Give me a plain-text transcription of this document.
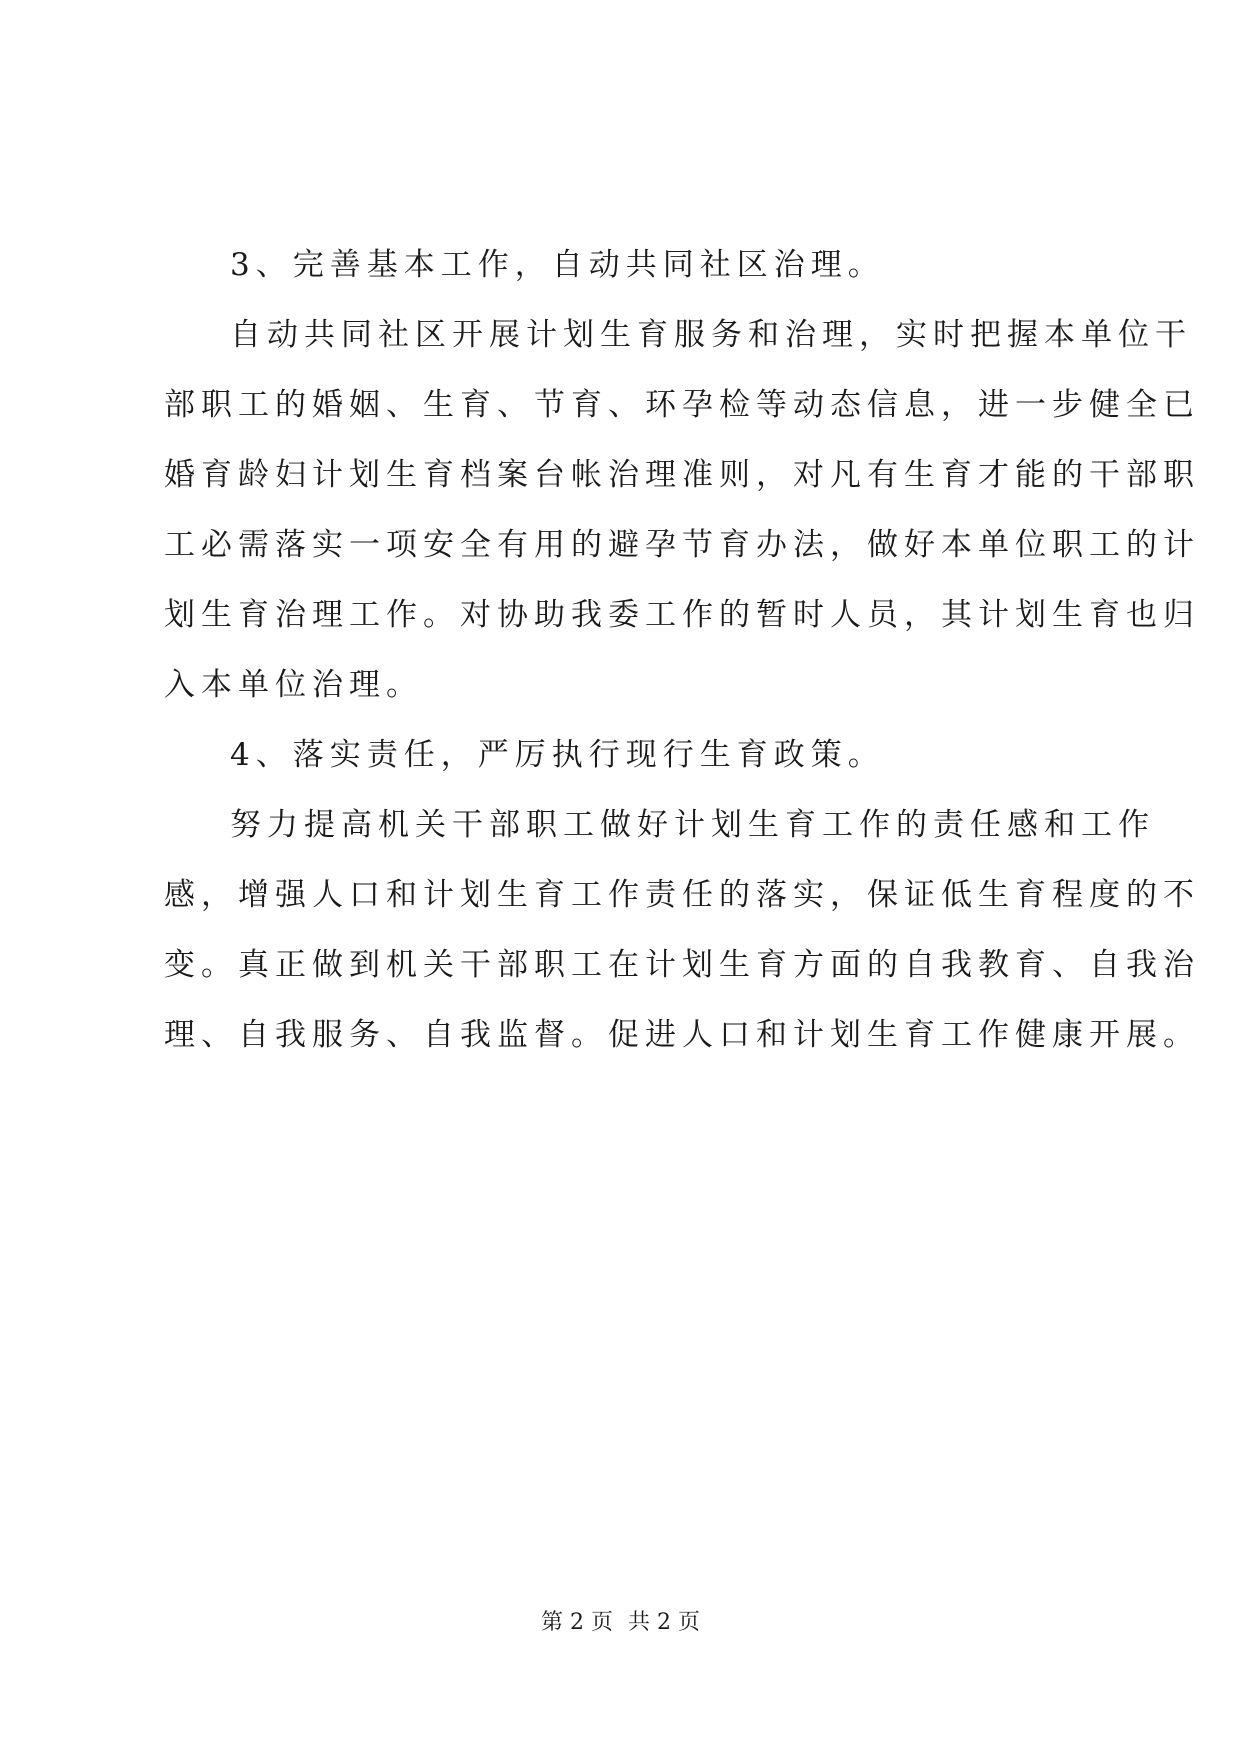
3、完善基本工作，自动共同社区治理。
自动共同社区开展计划生育服务和治理，实时把握本单位干
部职工的婚姻、生育、节育、环孕检等动态信息，进一步健全已
婚育龄妇计划生育档案台帐治理准则，对凡有生育才能的干部职
工必需落实一项安全有用的避孕节育办法，做好本单位职工的计
划生育治理工作。对协助我委工作的暂时人员，其计划生育也归
入本单位治理。
4、落实责任，严厉执行现行生育政策。
努力提高机关干部职工做好计划生育工作的责任感和工作
感，增强人口和计划生育工作责任的落实，保证低生育程度的不
变。真正做到机关干部职工在计划生育方面的自我教育、自我治
理、自我服务、自我监督。促进人口和计划生育工作健康开展。
第 2 页 共 2 页
